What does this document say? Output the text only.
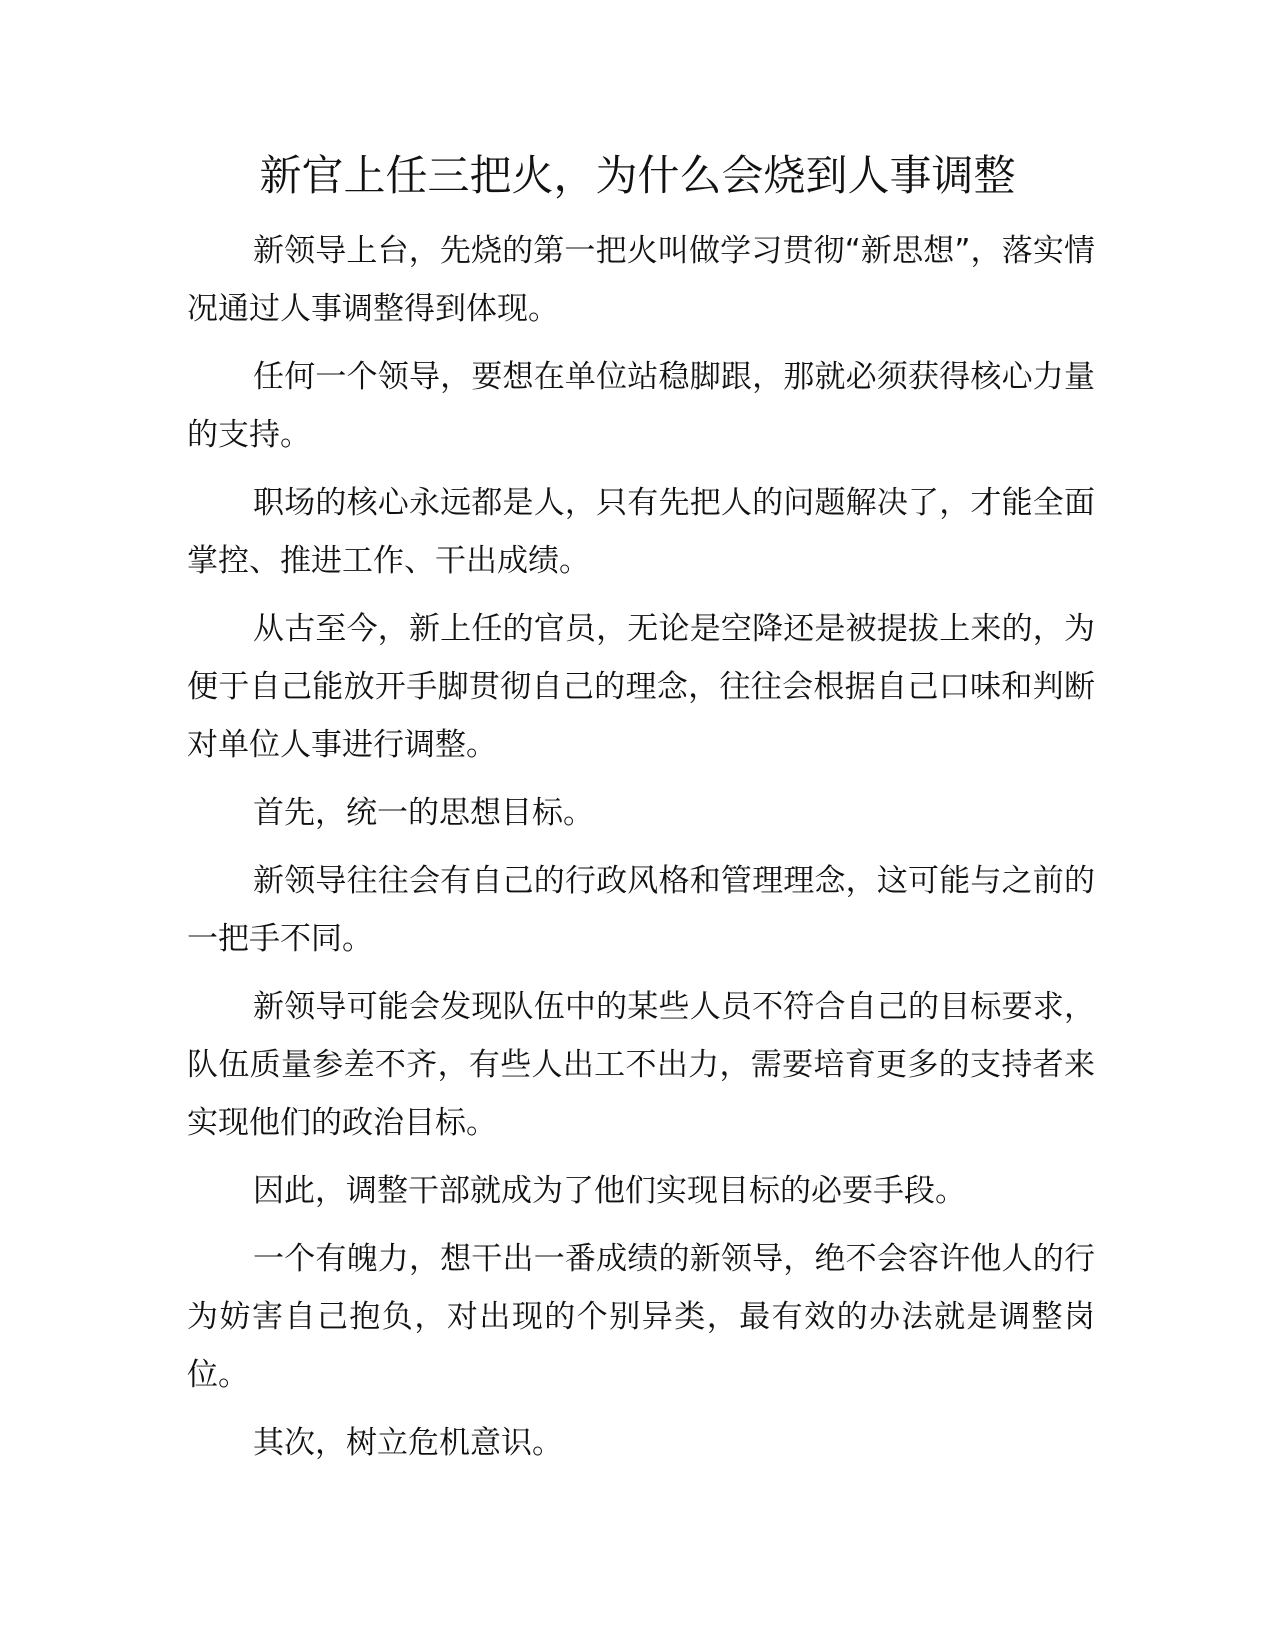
新官上任三把火，为什么会烧到人事调整

新领导上台，先烧的第一把火叫做学习贯彻“新思想”，落实情况通过人事调整得到体现。

任何一个领导，要想在单位站稳脚跟，那就必须获得核心力量的支持。

职场的核心永远都是人，只有先把人的问题解决了，才能全面掌控、推进工作、干出成绩。

从古至今，新上任的官员，无论是空降还是被提拔上来的，为便于自己能放开手脚贯彻自己的理念，往往会根据自己口味和判断对单位人事进行调整。

首先，统一的思想目标。

新领导往往会有自己的行政风格和管理理念，这可能与之前的一把手不同。

新领导可能会发现队伍中的某些人员不符合自己的目标要求，队伍质量参差不齐，有些人出工不出力，需要培育更多的支持者来实现他们的政治目标。

因此，调整干部就成为了他们实现目标的必要手段。

一个有魄力，想干出一番成绩的新领导，绝不会容许他人的行为妨害自己抱负，对出现的个别异类，最有效的办法就是调整岗位。

其次，树立危机意识。
